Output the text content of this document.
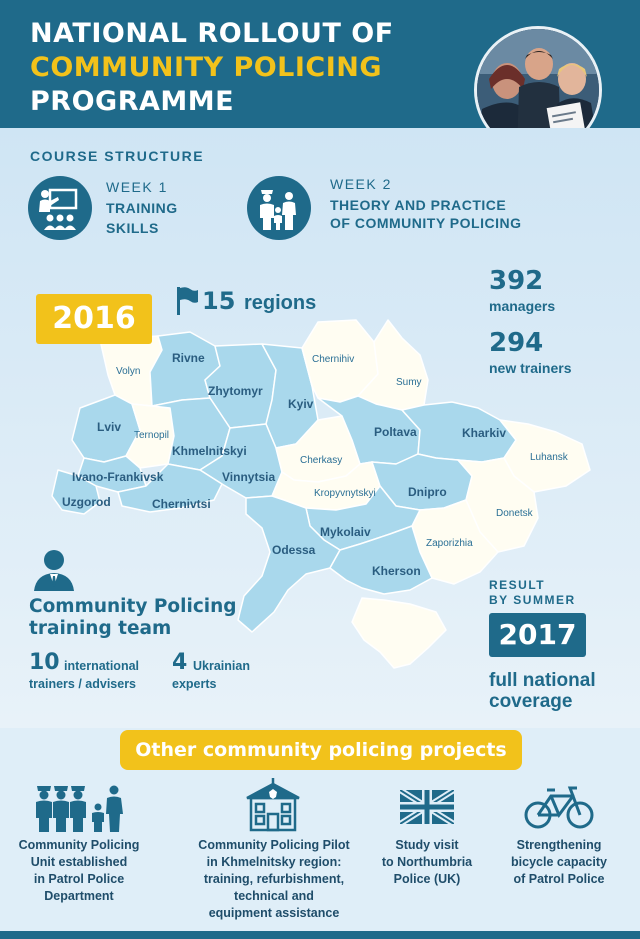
NATIONAL ROLLOUT OF
COMMUNITY POLICING
PROGRAMME
COURSE STRUCTURE
WEEK 1
TRAINING
SKILLS
WEEK 2
THEORY AND PRACTICE
OF COMMUNITY POLICING
Volyn
Rivne
Zhytomyr
Kyiv
Chernihiv
Sumy
Lviv
Ternopil
Khmelnitskyi
Poltava	Kharkiv
Luhansk
Cherkasy
Vinnytsia
Ivano-Frankivsk
Kropyvnytskyi	Dnipro
Uzgorod	Chernivtsi
Donetsk
Mykolaiv
Zaporizhia
Odessa
Kherson
2016	15 regions
392
managers
294
new trainers
Community Policing
training team
10 international
trainers / advisers
4 Ukrainian
experts
RESULT
BY SUMMER
2017
full national
coverage
Other community policing projects
Community Policing
Unit established
in Patrol Police
Department
Community Policing Pilot
in Khmelnitsky region:
training, refurbishment,
technical and
equipment assistance
Study visit
to Northumbria
Police (UK)
Strengthening
bicycle capacity
of Patrol Police
